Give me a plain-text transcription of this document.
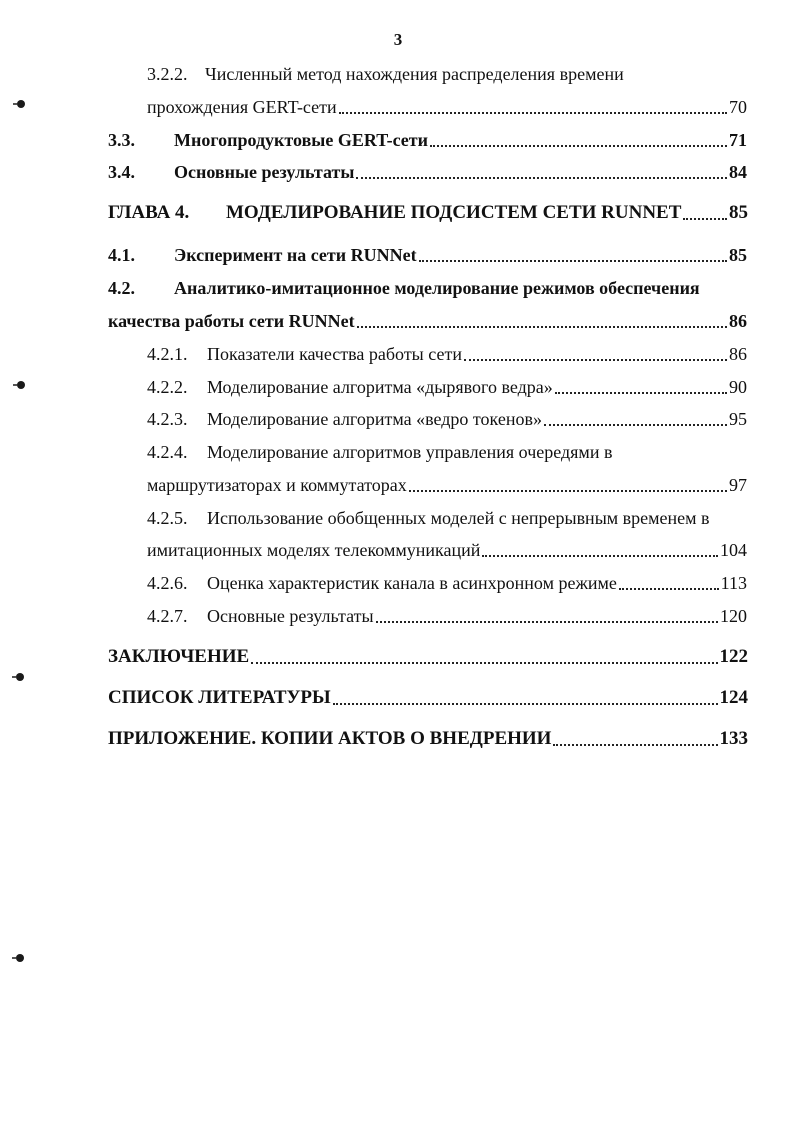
3
3.2.2. Численный метод нахождения распределения времени
прохождения GERT-сети	70
3.3.	Многопродуктовые GERT-сети	71
3.4.	Основные результаты	84
ГЛАВА 4.	МОДЕЛИРОВАНИЕ ПОДСИСТЕМ СЕТИ RUNNET	85
4.1.	Эксперимент на сети RUNNet	85
4.2.	Аналитико-имитационное моделирование режимов обеспечения
качества работы сети RUNNet	86
4.2.1.	Показатели качества работы сети	86
4.2.2.	Моделирование алгоритма «дырявого ведра»	90
4.2.3.	Моделирование алгоритма «ведро токенов»	95
4.2.4.	Моделирование алгоритмов управления очередями в
маршрутизаторах и коммутаторах	97
4.2.5.	Использование обобщенных моделей с непрерывным временем в
имитационных моделях телекоммуникаций	104
4.2.6.	Оценка характеристик канала в асинхронном режиме	113
4.2.7.	Основные результаты	120
ЗАКЛЮЧЕНИЕ	122
СПИСОК ЛИТЕРАТУРЫ	124
ПРИЛОЖЕНИЕ. КОПИИ АКТОВ О ВНЕДРЕНИИ	133
